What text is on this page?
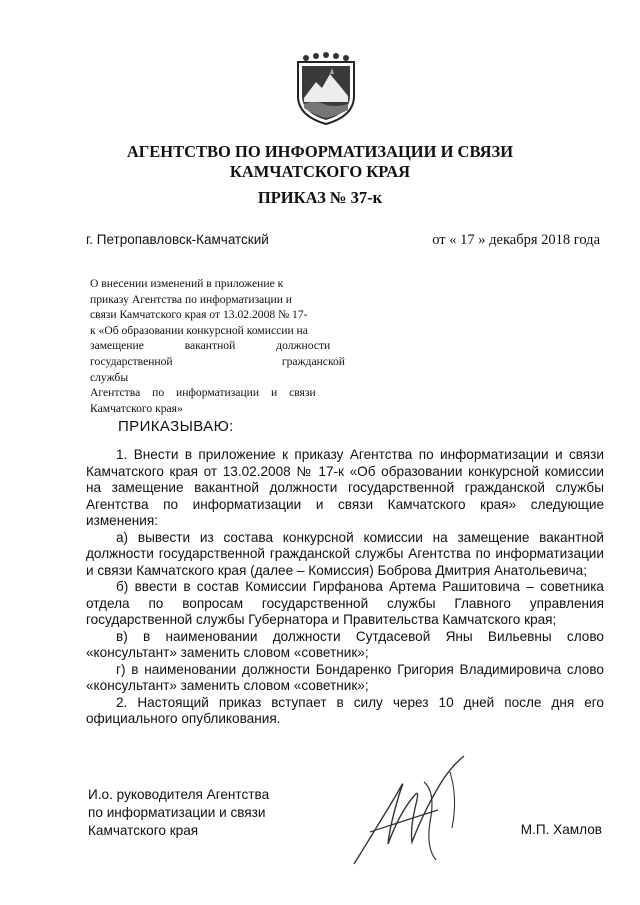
АГЕНТСТВО ПО ИНФОРМАТИЗАЦИИ И СВЯЗИ
КАМЧАТСКОГО КРАЯ
ПРИКАЗ № 37-к
г. Петропавловск-Камчатский	от « 17 » декабря 2018 года
О внесении изменений в приложение к
приказу Агентства по информатизации и
связи Камчатского края от 13.02.2008 № 17-
к «Об образовании конкурсной комиссии на
замещение вакантной должности
государственной гражданской службы
Агентства по информатизации и связи
Камчатского края»
ПРИКАЗЫВАЮ:

1. Внести в приложение к приказу Агентства по информатизации и связи Камчатского края от 13.02.2008 № 17-к «Об образовании конкурсной комиссии на замещение вакантной должности государственной гражданской службы Агентства по информатизации и связи Камчатского края» следующие изменения:

а) вывести из состава конкурсной комиссии на замещение вакантной должности государственной гражданской службы Агентства по информатизации и связи Камчатского края (далее – Комиссия) Боброва Дмитрия Анатольевича;

б) ввести в состав Комиссии Гирфанова Артема Рашитовича – советника отдела по вопросам государственной службы Главного управления государственной службы Губернатора и Правительства Камчатского края;

в) в наименовании должности Сутдасевой Яны Вильевны слово «консультант» заменить словом «советник»;

г) в наименовании должности Бондаренко Григория Владимировича слово «консультант» заменить словом «советник»;

2. Настоящий приказ вступает в силу через 10 дней после дня его официального опубликования.

И.о. руководителя Агентства
по информатизации и связи
Камчатского края	М.П. Хамлов
